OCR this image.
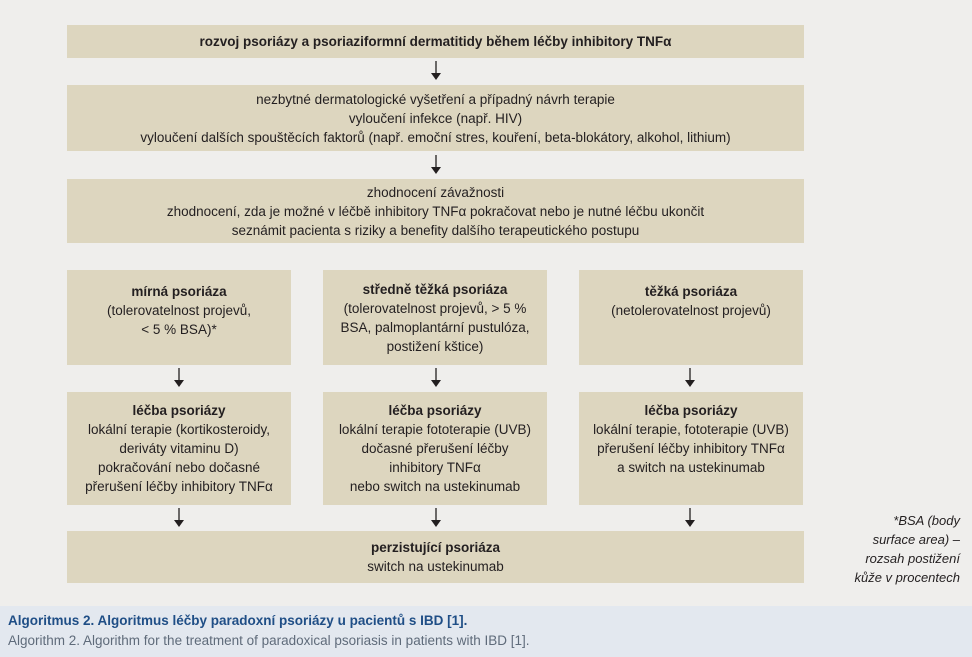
rozvoj psoriázy a psoriaziformní dermatitidy během léčby inhibitory TNFα
nezbytné dermatologické vyšetření a případný návrh terapie
vyloučení infekce (např. HIV)
vyloučení dalších spouštěcích faktorů (např. emoční stres, kouření, beta-blokátory, alkohol, lithium)
zhodnocení závažnosti
zhodnocení, zda je možné v léčbě inhibitory TNFα pokračovat nebo je nutné léčbu ukončit
seznámit pacienta s riziky a benefity dalšího terapeutického postupu
mírná psoriáza
(tolerovatelnost projevů,
< 5 % BSA)*
středně těžká psoriáza
(tolerovatelnost projevů, > 5 %
BSA, palmoplantární pustulóza,
postižení kštice)
těžká psoriáza
(netolerovatelnost projevů)
léčba psoriázy
lokální terapie (kortikosteroidy,
deriváty vitaminu D)
pokračování nebo dočasné
přerušení léčby inhibitory TNFα
léčba psoriázy
lokální terapie fototerapie (UVB)
dočasné přerušení léčby
inhibitory TNFα
nebo switch na ustekinumab
léčba psoriázy
lokální terapie, fototerapie (UVB)
přerušení léčby inhibitory TNFα
a switch na ustekinumab
perzistující psoriáza
switch na ustekinumab
*BSA (body
surface area) –
rozsah postižení
kůže v procentech
Algoritmus 2. Algoritmus léčby paradoxní psoriázy u pacientů s IBD [1].
Algorithm 2. Algorithm for the treatment of paradoxical psoriasis in patients with IBD [1].
